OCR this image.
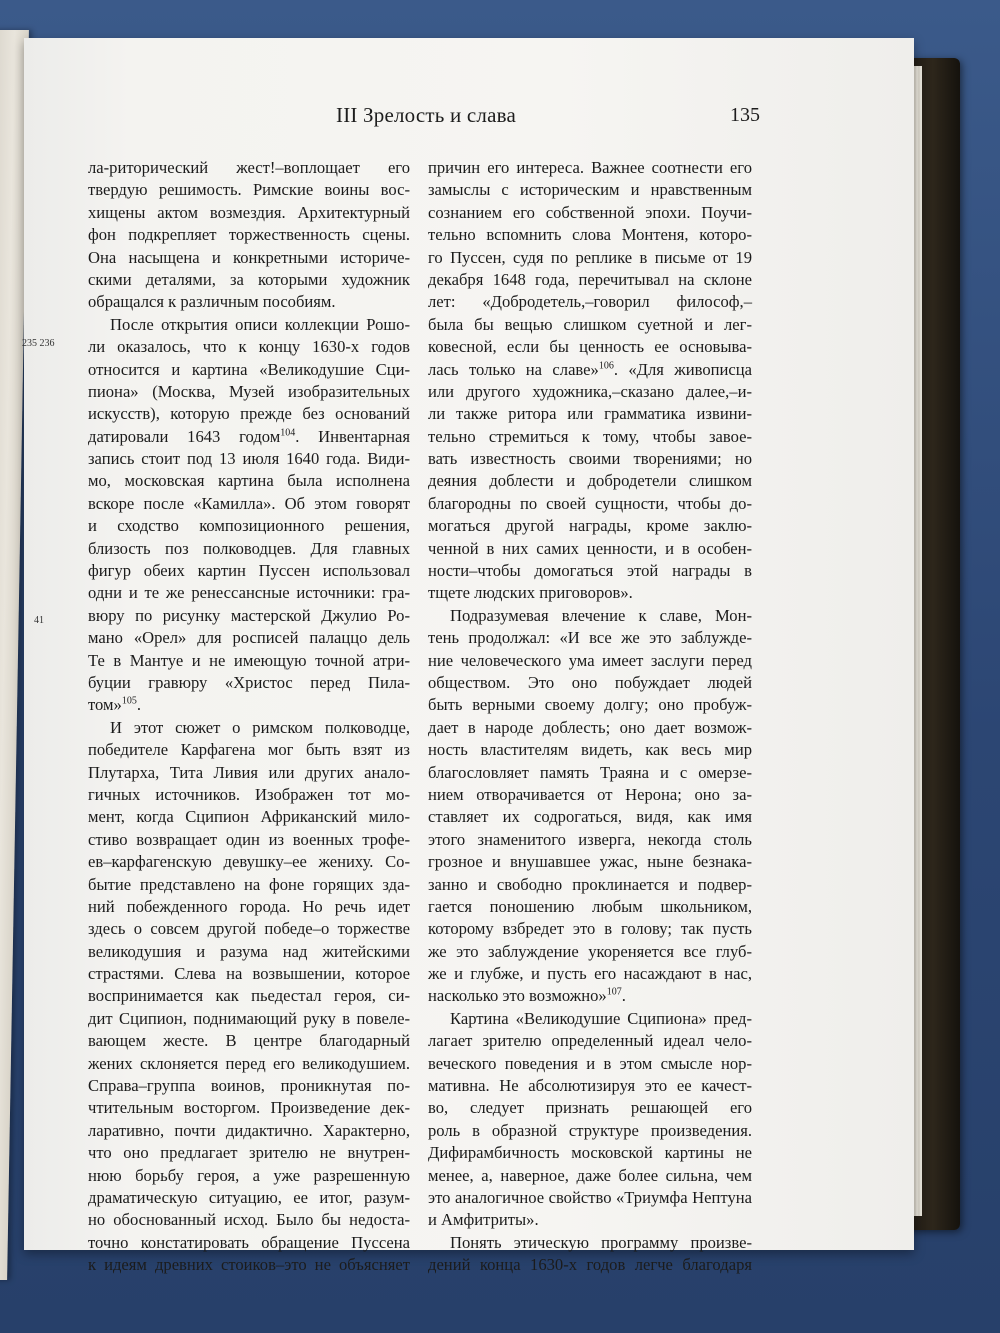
III Зрелость и слава	135
235 236
41
ла-риторический жест!–воплощает его
твердую решимость. Римские воины вос-
хищены актом возмездия. Архитектурный
фон подкрепляет торжественность сцены.
Она насыщена и конкретными историче-
скими деталями, за которыми художник
обращался к различным пособиям.
После открытия описи коллекции Рошо-
ли оказалось, что к концу 1630-х годов
относится и картина «Великодушие Сци-
пиона» (Москва, Музей изобразительных
искусств), которую прежде без оснований
датировали 1643 годом$^{104}$. Инвентарная
запись стоит под 13 июля 1640 года. Види-
мо, московская картина была исполнена
вскоре после «Камилла». Об этом говорят
и сходство композиционного решения,
близость поз полководцев. Для главных
фигур обеих картин Пуссен использовал
одни и те же ренессансные источники: гра-
вюру по рисунку мастерской Джулио Ро-
мано «Орел» для росписей палаццо дель
Те в Мантуе и не имеющую точной атри-
буции гравюру «Христос перед Пила-
том»$^{105}$.
И этот сюжет о римском полководце,
победителе Карфагена мог быть взят из
Плутарха, Тита Ливия или других анало-
гичных источников. Изображен тот мо-
мент, когда Сципион Африканский мило-
стиво возвращает один из военных трофе-
ев–карфагенскую девушку–ее жениху. Со-
бытие представлено на фоне горящих зда-
ний побежденного города. Но речь идет
здесь о совсем другой победе–о торжестве
великодушия и разума над житейскими
страстями. Слева на возвышении, которое
воспринимается как пьедестал героя, си-
дит Сципион, поднимающий руку в повеле-
вающем жесте. В центре благодарный
жених склоняется перед его великодушием.
Справа–группа воинов, проникнутая по-
чтительным восторгом. Произведение дек-
ларативно, почти дидактично. Характерно,
что оно предлагает зрителю не внутрен-
нюю борьбу героя, а уже разрешенную
драматическую ситуацию, ее итог, разум-
но обоснованный исход. Было бы недоста-
точно констатировать обращение Пуссена
к идеям древних стоиков–это не объясняет
причин его интереса. Важнее соотнести его
замыслы с историческим и нравственным
сознанием его собственной эпохи. Поучи-
тельно вспомнить слова Монтеня, которо-
го Пуссен, судя по реплике в письме от 19
декабря 1648 года, перечитывал на склоне
лет: «Добродетель,–говорил философ,–
была бы вещью слишком суетной и лег-
ковесной, если бы ценность ее основыва-
лась только на славе»$^{106}$. «Для живописца
или другого художника,–сказано далее,–и-
ли также ритора или грамматика извини-
тельно стремиться к тому, чтобы завое-
вать известность своими творениями; но
деяния доблести и добродетели слишком
благородны по своей сущности, чтобы до-
могаться другой награды, кроме заклю-
ченной в них самих ценности, и в особен-
ности–чтобы домогаться этой награды в
тщете людских приговоров».
Подразумевая влечение к славе, Мон-
тень продолжал: «И все же это заблужде-
ние человеческого ума имеет заслуги перед
обществом. Это оно побуждает людей
быть верными своему долгу; оно пробуж-
дает в народе доблесть; оно дает возмож-
ность властителям видеть, как весь мир
благословляет память Траяна и с омерзе-
нием отворачивается от Нерона; оно за-
ставляет их содрогаться, видя, как имя
этого знаменитого изверга, некогда столь
грозное и внушавшее ужас, ныне безнака-
занно и свободно проклинается и подвер-
гается поношению любым школьником,
которому взбредет это в голову; так пусть
же это заблуждение укореняется все глуб-
же и глубже, и пусть его насаждают в нас,
насколько это возможно»$^{107}$.
Картина «Великодушие Сципиона» пред-
лагает зрителю определенный идеал чело-
веческого поведения и в этом смысле нор-
мативна. Не абсолютизируя это ее качест-
во, следует признать решающей его
роль в образной структуре произведения.
Дифирамбичность московской картины не
менее, а, наверное, даже более сильна, чем
это аналогичное свойство «Триумфа Нептуна
и Амфитриты».
Понять этическую программу произве-
дений конца 1630-х годов легче благодаря
